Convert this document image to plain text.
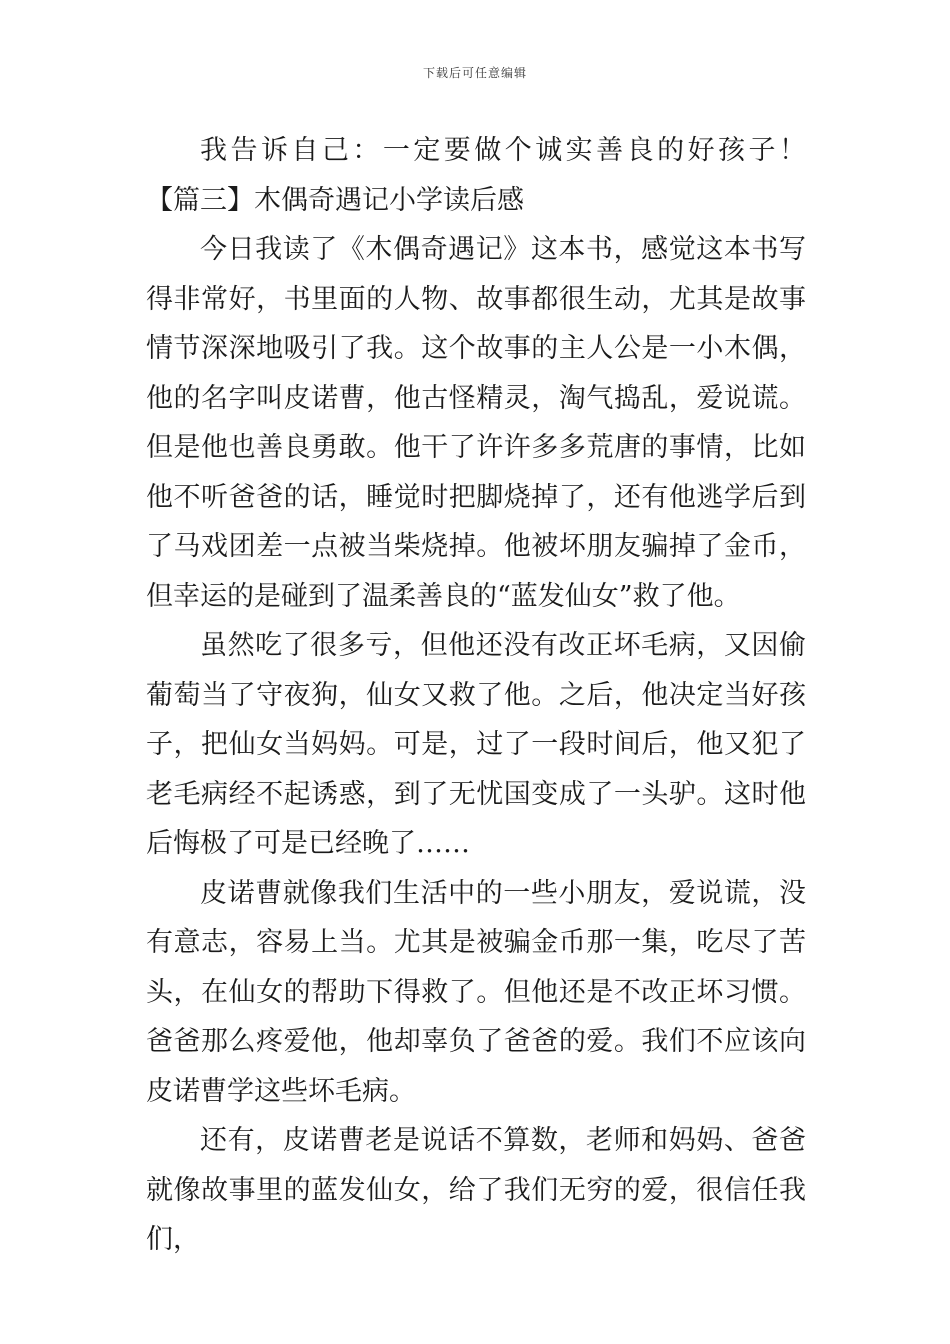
下载后可任意编辑

我告诉自己：一定要做个诚实善良的好孩子！　【篇三】木偶奇遇记小学读后感

今日我读了《木偶奇遇记》这本书，感觉这本书写得非常好，书里面的人物、故事都很生动，尤其是故事情节深深地吸引了我。这个故事的主人公是一小木偶，他的名字叫皮诺曹，他古怪精灵，淘气捣乱，爱说谎。但是他也善良勇敢。他干了许许多多荒唐的事情，比如他不听爸爸的话，睡觉时把脚烧掉了，还有他逃学后到了马戏团差一点被当柴烧掉。他被坏朋友骗掉了金币，但幸运的是碰到了温柔善良的“蓝发仙女”救了他。

虽然吃了很多亏，但他还没有改正坏毛病，又因偷葡萄当了守夜狗，仙女又救了他。之后，他决定当好孩子，把仙女当妈妈。可是，过了一段时间后，他又犯了老毛病经不起诱惑，到了无忧国变成了一头驴。这时他后悔极了可是已经晚了……

皮诺曹就像我们生活中的一些小朋友，爱说谎，没有意志，容易上当。尤其是被骗金币那一集，吃尽了苦头，在仙女的帮助下得救了。但他还是不改正坏习惯。爸爸那么疼爱他，他却辜负了爸爸的爱。我们不应该向皮诺曹学这些坏毛病。

还有，皮诺曹老是说话不算数，老师和妈妈、爸爸就像故事里的蓝发仙女，给了我们无穷的爱，很信任我们，
